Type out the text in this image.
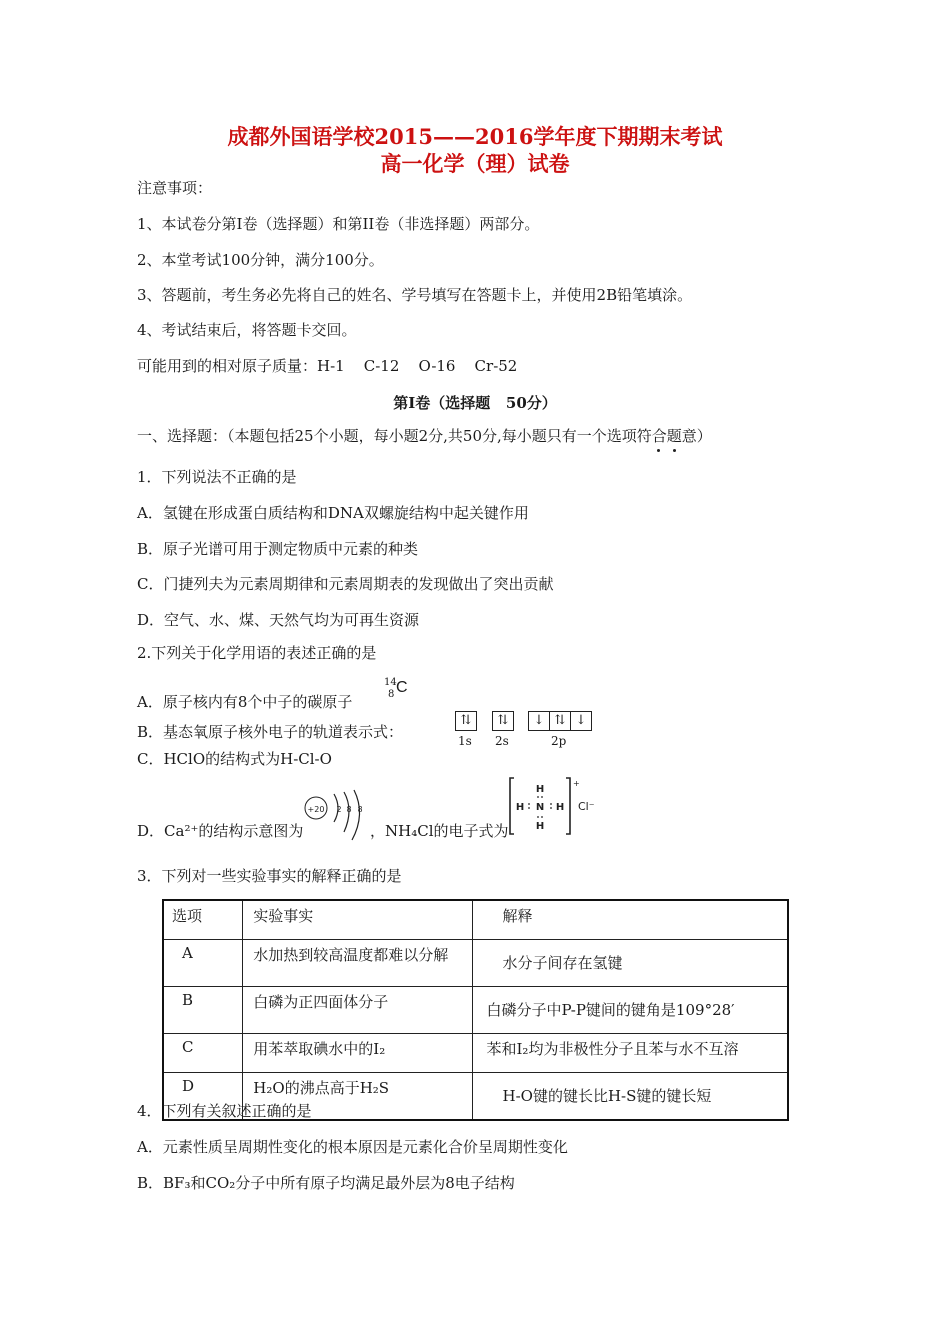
成都外国语学校2015——2016学年度下期期末考试
高一化学（理）试卷
注意事项：
1、本试卷分第I卷（选择题）和第II卷（非选择题）两部分。
2、本堂考试100分钟，满分100分。
3、答题前，考生务必先将自己的姓名、学号填写在答题卡上，并使用2B铅笔填涂。
4、考试结束后，将答题卡交回。
可能用到的相对原子质量：H-1    C-12    O-16    Cr-52
第I卷（选择题   50分）
一、选择题：（本题包括25个小题，每小题2分,共50分,每小题只有一个选项符合题意）
1．下列说法不正确的是
A．氢键在形成蛋白质结构和DNA双螺旋结构中起关键作用
B．原子光谱可用于测定物质中元素的种类
C．门捷列夫为元素周期律和元素周期表的发现做出了突出贡献
D．空气、水、煤、天然气均为可再生资源
2.下列关于化学用语的表述正确的是
A．原子核内有8个中子的碳原子
14
8 C
B．基态氧原子核外电子的轨道表示式：
⇅	⇅	↓ ⇅ ↓
1s 2s	2p
C．HClO的结构式为H-Cl-O
D．Ca²⁺的结构示意图为
+20 2 8 8
，NH₄Cl的电子式为
H
H N H
H
+
Cl⁻
3．下列对一些实验事实的解释正确的是
选项	实验事实	解释
A	水加热到较高温度都难以分解	水分子间存在氢键
B	白磷为正四面体分子	白磷分子中P-P键间的键角是109°28′
C	用苯萃取碘水中的I₂	苯和I₂均为非极性分子且苯与水不互溶
D	H₂O的沸点高于H₂S	H-O键的键长比H-S键的键长短
4．下列有关叙述正确的是
A．元素性质呈周期性变化的根本原因是元素化合价呈周期性变化
B．BF₃和CO₂分子中所有原子均满足最外层为8电子结构
